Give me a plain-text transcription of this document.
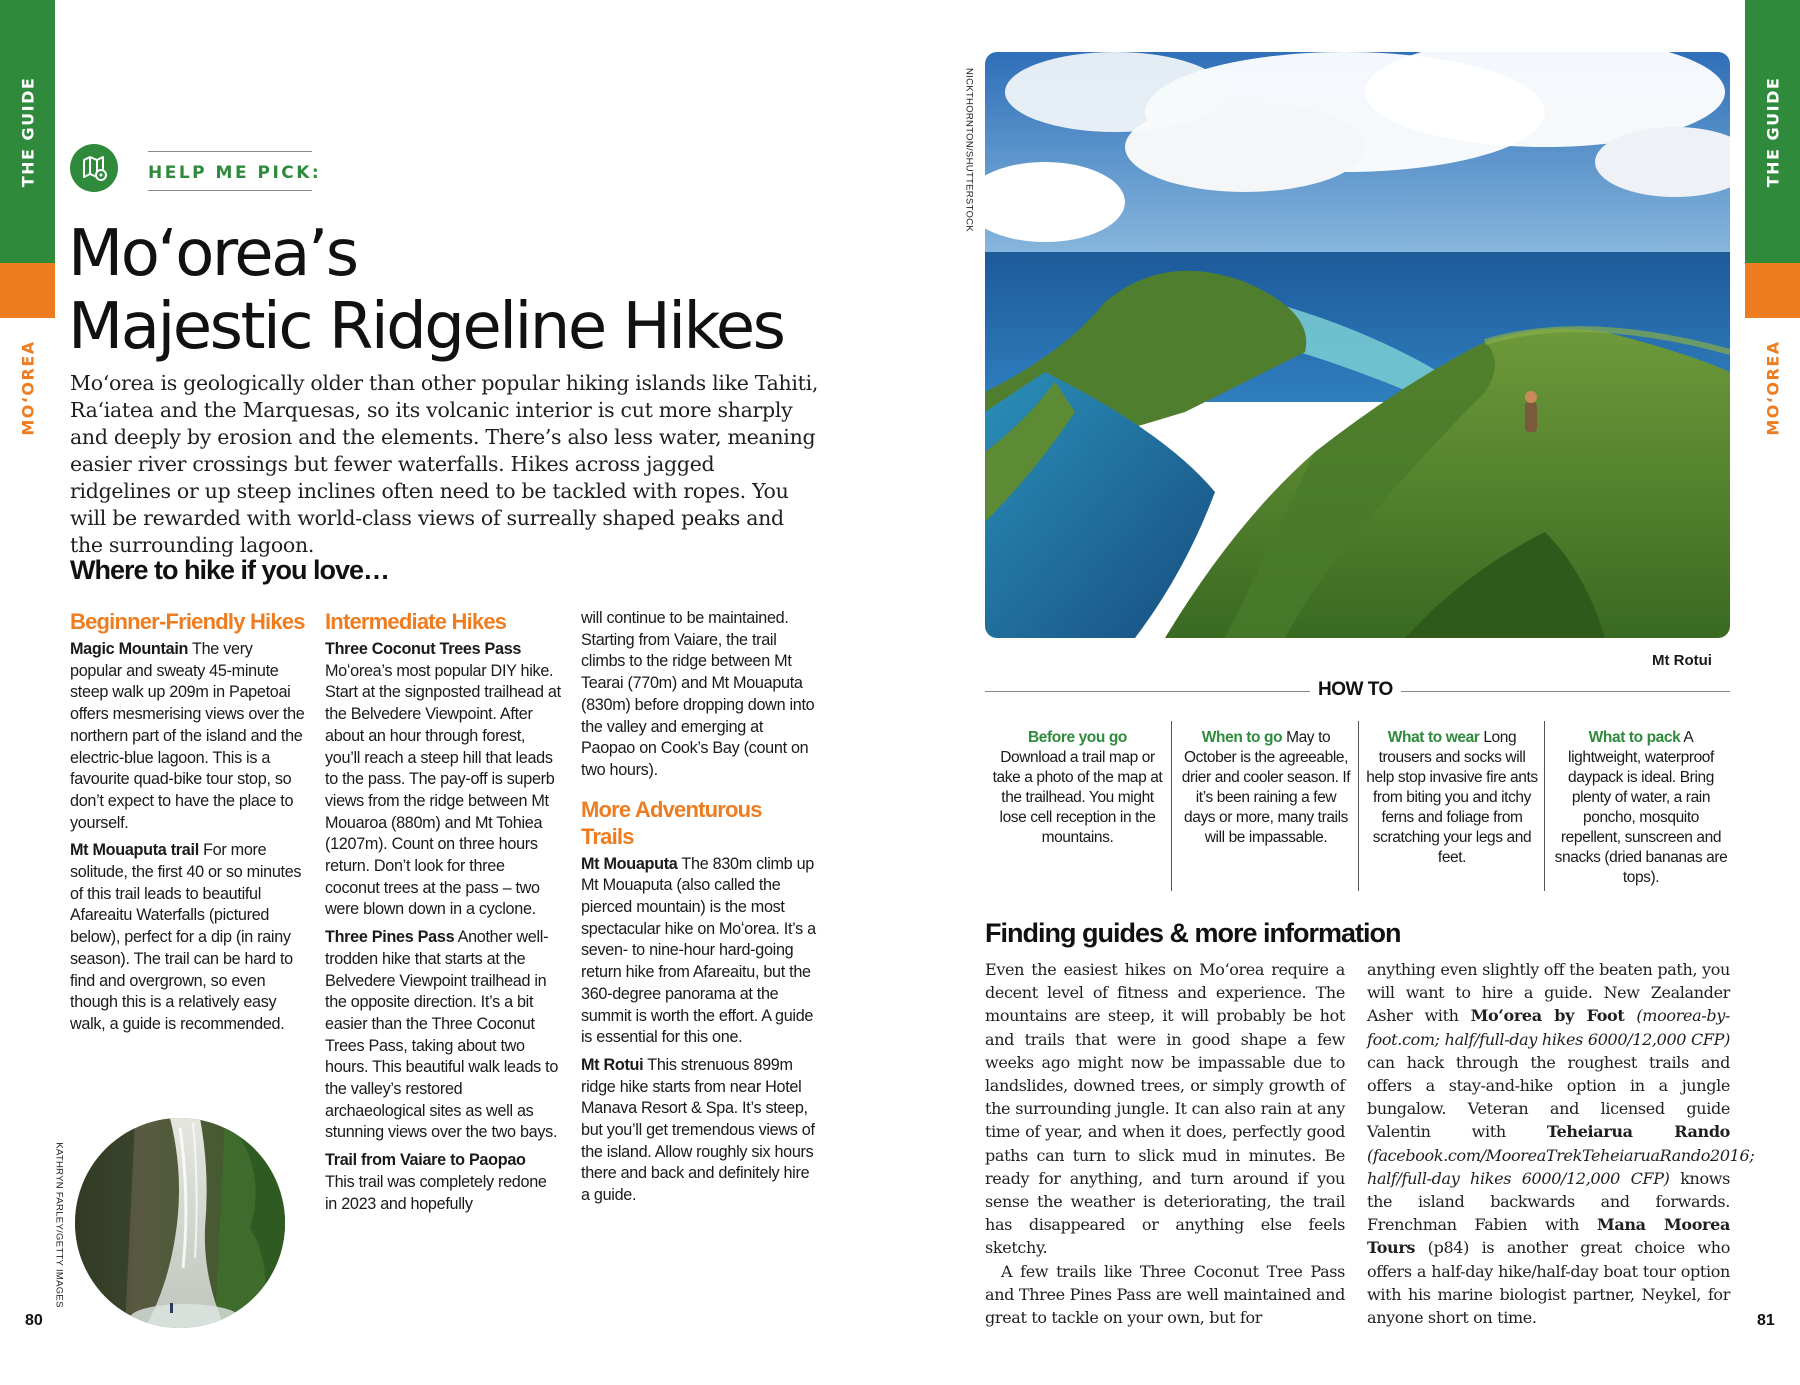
THE GUIDE
MOʻOREA
THE GUIDE
MOʻOREA
HELP ME PICK:
Moʻorea’s
Majestic Ridgeline Hikes
Moʻorea is geologically older than other popular hiking islands like Tahiti, Raʻiatea and the Marquesas, so its volcanic interior is cut more sharply and deeply by erosion and the elements. There’s also less water, meaning easier river crossings but fewer waterfalls. Hikes across jagged ridgelines or up steep inclines often need to be tackled with ropes. You will be rewarded with world-class views of surreally shaped peaks and the surrounding lagoon.
Where to hike if you love…
Beginner-Friendly Hikes

Magic Mountain The very popular and sweaty 45-minute steep walk up 209m in Papetoai offers mesmerising views over the northern part of the island and the electric-blue lagoon. This is a favourite quad-bike tour stop, so don’t expect to have the place to yourself.

Mt Mouaputa trail For more solitude, the first 40 or so minutes of this trail leads to beautiful Afareaitu Waterfalls (pictured below), perfect for a dip (in rainy season). The trail can be hard to find and overgrown, so even though this is a relatively easy walk, a guide is recommended.

KATHRYN FARLEY/GETTY IMAGES
Intermediate Hikes

Three Coconut Trees Pass
Moʻorea’s most popular DIY hike. Start at the signposted trailhead at the Belvedere Viewpoint. After about an hour through forest, you’ll reach a steep hill that leads to the pass. The pay-off is superb views from the ridge between Mt Mouaroa (880m) and Mt Tohiea (1207m). Count on three hours return. Don’t look for three coconut trees at the pass – two were blown down in a cyclone.

Three Pines Pass Another well-trodden hike that starts at the Belvedere Viewpoint trailhead in the opposite direction. It’s a bit easier than the Three Coconut Trees Pass, taking about two hours. This beautiful walk leads to the valley’s restored archaeological sites as well as stunning views over the two bays.

Trail from Vaiare to Paopao
This trail was completely redone in 2023 and hopefully

will continue to be maintained. Starting from Vaiare, the trail climbs to the ridge between Mt Tearai (770m) and Mt Mouaputa (830m) before dropping down into the valley and emerging at Paopao on Cook’s Bay (count on two hours).

More Adventurous Trails

Mt Mouaputa The 830m climb up Mt Mouaputa (also called the pierced mountain) is the most spectacular hike on Moʻorea. It’s a seven- to nine-hour hard-going return hike from Afareaitu, but the 360-degree panorama at the summit is worth the effort. A guide is essential for this one.

Mt Rotui This strenuous 899m ridge hike starts from near Hotel Manava Resort & Spa. It’s steep, but you’ll get tremendous views of the island. Allow roughly six hours there and back and definitely hire a guide.

80
NICKTHORNTON/SHUTTERSTOCK
Mt Rotui
HOW TO
Before you go
Download a trail map or take a photo of the map at the trailhead. You might lose cell reception in the mountains.
When to go May to October is the agreeable, drier and cooler season. If it’s been raining a few days or more, many trails will be impassable.
What to wear Long trousers and socks will help stop invasive fire ants from biting you and itchy ferns and foliage from scratching your legs and feet.
What to pack A lightweight, waterproof daypack is ideal. Bring plenty of water, a rain poncho, mosquito repellent, sunscreen and snacks (dried bananas are tops).
Finding guides & more information
Even the easiest hikes on Moʻorea require a decent level of fitness and experience. The mountains are steep, it will probably be hot and trails that were in good shape a few weeks ago might now be impassable due to landslides, downed trees, or simply growth of the surrounding jungle. It can also rain at any time of year, and when it does, perfectly good paths can turn to slick mud in minutes. Be ready for anything, and turn around if you sense the weather is deteriorating, the trail has disappeared or anything else feels sketchy.
A few trails like Three Coconut Tree Pass and Three Pines Pass are well maintained and great to tackle on your own, but for
anything even slightly off the beaten path, you will want to hire a guide. New Zealander Asher with Moʻorea by Foot (moorea-by-foot.com; half/full-day hikes 6000/12,000 CFP) can hack through the roughest trails and offers a stay-and-hike option in a jungle bungalow. Veteran and licensed guide Valentin with Teheiarua Rando (facebook.com/MooreaTrekTeheiaruaRando2016; half/full-day hikes 6000/12,000 CFP) knows the island backwards and forwards. Frenchman Fabien with Mana Moorea Tours (p84) is another great choice who offers a half-day hike/half-day boat tour option with his marine biologist partner, Neykel, for anyone short on time.	81
